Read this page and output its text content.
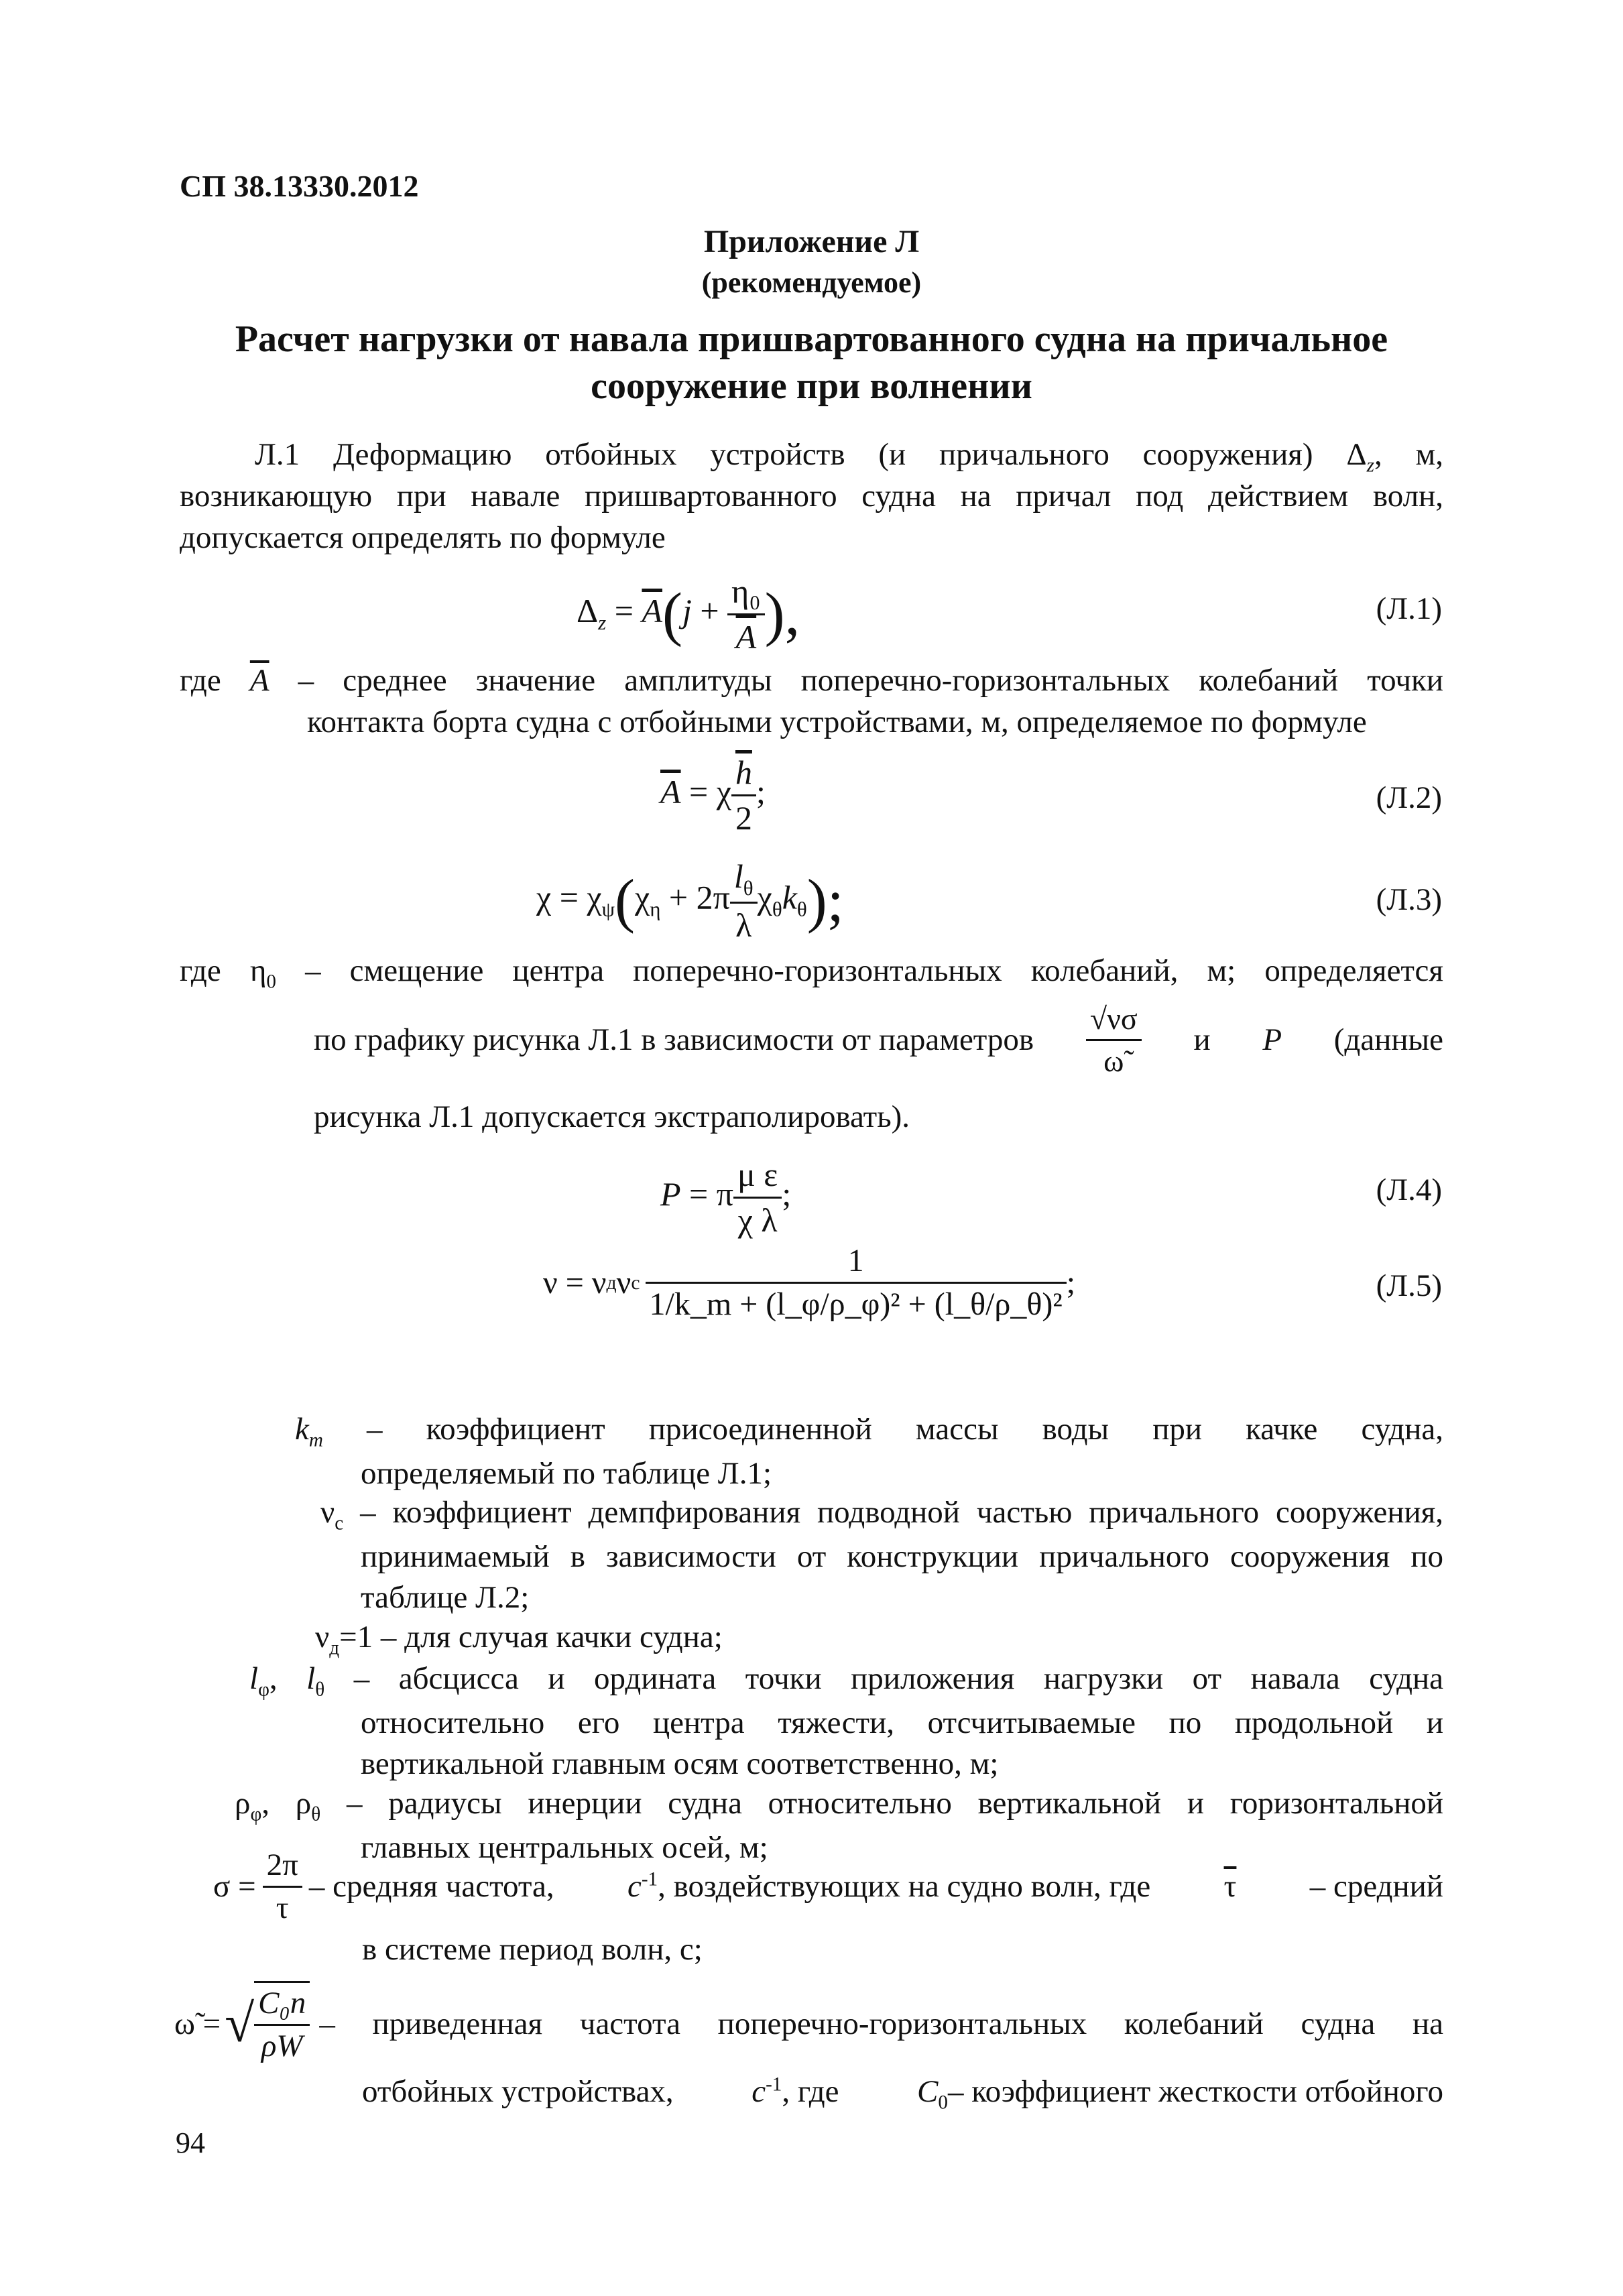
СП 38.13330.2012
Приложение Л
(рекомендуемое)
Расчет нагрузки от навала пришвартованного судна на причальное
сооружение при волнении
Л.1 Деформацию отбойных устройств (и причального сооружения) $\Delta_z$, м,
возникающую при навале пришвартованного судна на причал под действием волн,
допускается определять по формуле
$\Delta_z = \overline{A}(j + \frac{\text{η₀}}{A}$ ),	(Л.1)
где $\overline{A}$ – среднее значение амплитуды поперечно-горизонтальных колебаний точки
контакта борта судна с отбойными устройствами, м, определяемое по формуле
$\overline{A} = \chi \frac{\overline{h}}{2}$ ;	(Л.2)
$\chi = \chi_\psi(\chi_\eta + 2\pi \frac{l_\theta}{\lambda} \chi_\theta k_\theta)$;	(Л.3)
где $\eta_0$ – смещение центра поперечно-горизонтальных колебаний, м; определяется
по графику рисунка Л.1 в зависимости от параметров $\frac{√\nu\sigma}{\omegã}$ и P (данные
рисунка Л.1 допускается экстраполировать).
P = π $\frac{\text{μ ε}}{\text{χ λ}}$ ;	(Л.4)
ν = ν д ν с $\frac{1}{\text{1/k\_m + (l\_φ/ρ\_φ)² + (l\_θ/ρ\_θ)²}}$ ;	(Л.5)
$k_m$ – коэффициент присоединенной массы воды при качке судна,
определяемый по таблице Л.1;
$\nu_с$ – коэффициент демпфирования подводной частью причального сооружения,
принимаемый в зависимости от конструкции причального сооружения по
таблице Л.2;
$\nu_д=1$ – для случая качки судна;
$l_\varphi$, $l_\theta$ – абсцисса и ордината точки приложения нагрузки от навала судна
относительно его центра тяжести, отсчитываемые по продольной и
вертикальной главным осям соответственно, м;
$\rho_\varphi$, $\rho_\theta$ – радиусы инерции судна относительно вертикальной и горизонтальной
главных центральных осей, м;
$\sigma = \frac{2\pi}{\tau}$ – средняя частота, $c^{-1}$, воздействующих на судно волн, где $\overline{\tau}$ – средний
в системе период волн, с;
ω̃ = √ $\frac{\text{C₀n}}{\rho W}$ – приведенная частота поперечно-горизонтальных колебаний судна на
отбойных устройствах, $c^{-1}$, где $C_0-$ коэффициент жесткости отбойного
94
